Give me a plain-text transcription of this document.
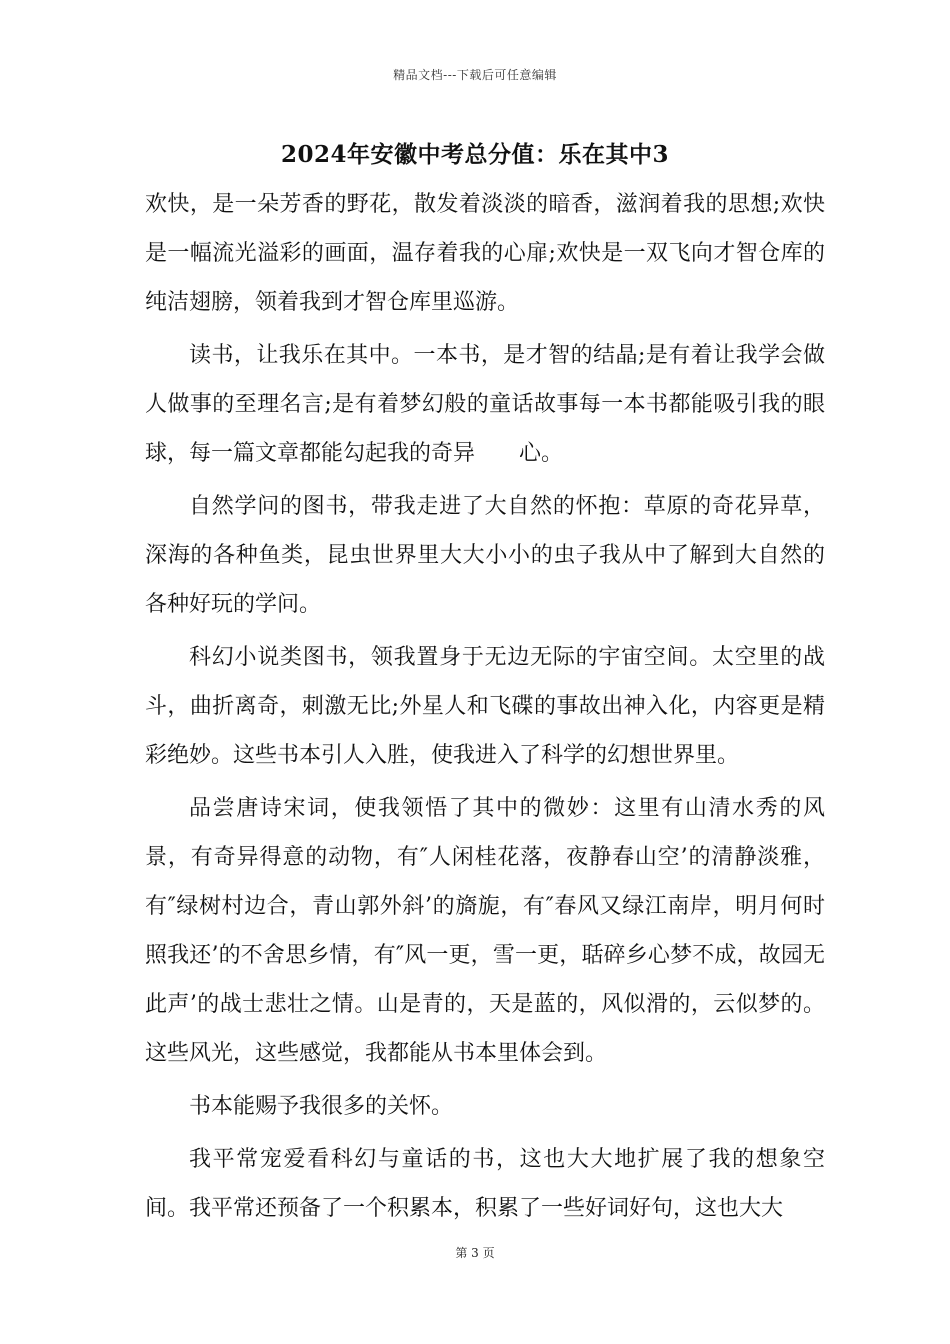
精品文档---下载后可任意编辑
2024年安徽中考总分值：乐在其中3

欢快，是一朵芳香的野花，散发着淡淡的暗香，滋润着我的思想;欢快是一幅流光溢彩的画面，温存着我的心扉;欢快是一双飞向才智仓库的纯洁翅膀，领着我到才智仓库里巡游。

读书，让我乐在其中。一本书，是才智的结晶;是有着让我学会做人做事的至理名言;是有着梦幻般的童话故事每一本书都能吸引我的眼球，每一篇文章都能勾起我的奇异　　心。

自然学问的图书，带我走进了大自然的怀抱：草原的奇花异草，深海的各种鱼类，昆虫世界里大大小小的虫子我从中了解到大自然的各种好玩的学问。

科幻小说类图书，领我置身于无边无际的宇宙空间。太空里的战斗，曲折离奇，刺激无比;外星人和飞碟的事故出神入化，内容更是精彩绝妙。这些书本引人入胜，使我进入了科学的幻想世界里。

品尝唐诗宋词，使我领悟了其中的微妙：这里有山清水秀的风景，有奇异得意的动物，有″人闲桂花落，夜静春山空’的清静淡雅，有″绿树村边合，青山郭外斜’的旖旎，有″春风又绿江南岸，明月何时照我还’的不舍思乡情，有″风一更，雪一更，聒碎乡心梦不成，故园无此声’的战士悲壮之情。山是青的，天是蓝的，风似滑的，云似梦的。这些风光，这些感觉，我都能从书本里体会到。

书本能赐予我很多的关怀。

我平常宠爱看科幻与童话的书，这也大大地扩展了我的想象空间。我平常还预备了一个积累本，积累了一些好词好句，这也大大

第 3 页
